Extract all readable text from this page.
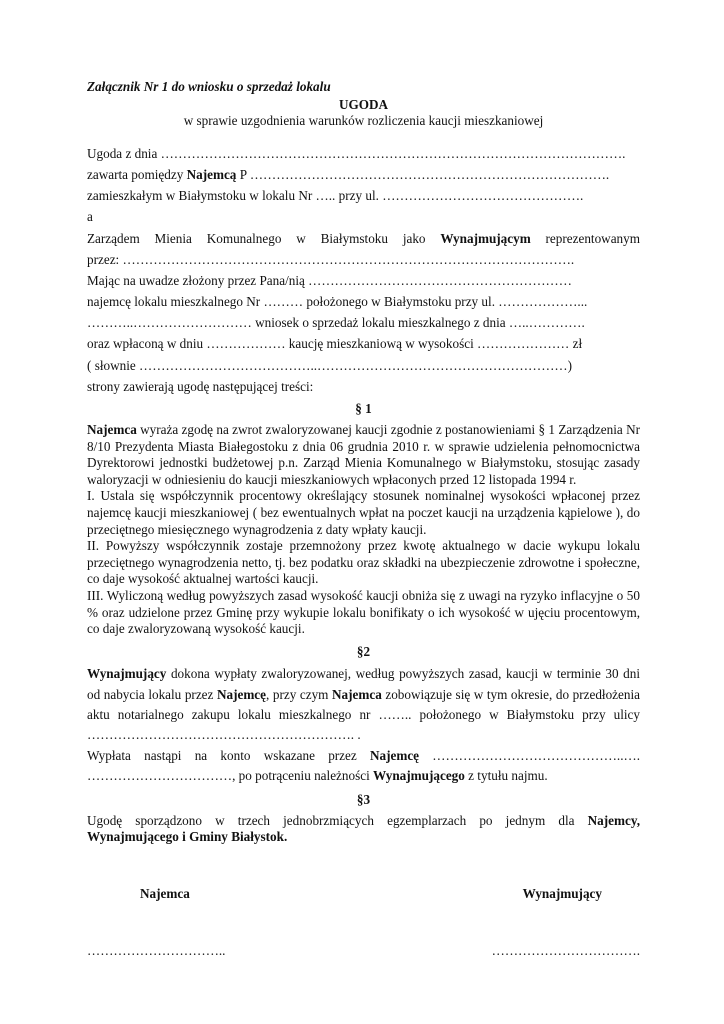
Załącznik Nr 1 do wniosku o sprzedaż lokalu
UGODA
w sprawie uzgodnienia warunków rozliczenia kaucji mieszkaniowej
Ugoda z dnia …………………………………………………………………………………………….
zawarta pomiędzy Najemcą P ……………………………………………………………………….
zamieszkałym w Białymstoku w lokalu Nr ….. przy ul. ……………………………………….
a
Zarządem Mienia Komunalnego w Białymstoku jako Wynajmującym reprezentowanym
przez: ………………………………………………………………………………………….
Mając na uwadze złożony przez Pana/nią ……………………………………………………
najemcę lokalu mieszkalnego Nr ……… położonego w Białymstoku przy ul. ………………...
………..……………………… wniosek o sprzedaż lokalu mieszkalnego z dnia …..………….
oraz wpłaconą w dniu ……………… kaucję mieszkaniową w wysokości ………………… zł
( słownie …………………………………..…………………………………………………)
strony zawierają ugodę następującej treści:
§ 1

Najemca wyraża zgodę na zwrot zwaloryzowanej kaucji zgodnie z postanowieniami § 1 Zarządzenia Nr 8/10 Prezydenta Miasta Białegostoku z dnia 06 grudnia 2010 r. w sprawie udzielenia pełnomocnictwa Dyrektorowi jednostki budżetowej p.n. Zarząd Mienia Komunalnego w Białymstoku, stosując zasady waloryzacji w odniesieniu do kaucji mieszkaniowych wpłaconych przed 12 listopada 1994 r.

I. Ustala się współczynnik procentowy określający stosunek nominalnej wysokości wpłaconej przez najemcę kaucji mieszkaniowej ( bez ewentualnych wpłat na poczet kaucji na urządzenia kąpielowe ), do przeciętnego miesięcznego wynagrodzenia z daty wpłaty kaucji.

II. Powyższy współczynnik zostaje przemnożony przez kwotę aktualnego w dacie wykupu lokalu przeciętnego wynagrodzenia netto, tj. bez podatku oraz składki na ubezpieczenie zdrowotne i społeczne, co daje wysokość aktualnej wartości kaucji.

III. Wyliczoną według powyższych zasad wysokość kaucji obniża się z uwagi na ryzyko inflacyjne o 50 % oraz udzielone przez Gminę przy wykupie lokalu bonifikaty o ich wysokość w ujęciu procentowym, co daje zwaloryzowaną wysokość kaucji.

§2

Wynajmujący dokona wypłaty zwaloryzowanej, według powyższych zasad, kaucji w terminie 30 dni od nabycia lokalu przez Najemcę, przy czym Najemca zobowiązuje się w tym okresie, do przedłożenia aktu notarialnego zakupu lokalu mieszkalnego nr …….. położonego w Białymstoku przy ulicy ……………………………………………………. .

Wypłata nastąpi na konto wskazane przez Najemcę ……………………………………..…. ……………………………, po potrąceniu należności Wynajmującego z tytułu najmu.

§3

Ugodę sporządzono w trzech jednobrzmiących egzemplarzach po jednym dla Najemcy, Wynajmującego i Gminy Białystok.

Najemca	Wynajmujący
…………………………..	…………………………….
